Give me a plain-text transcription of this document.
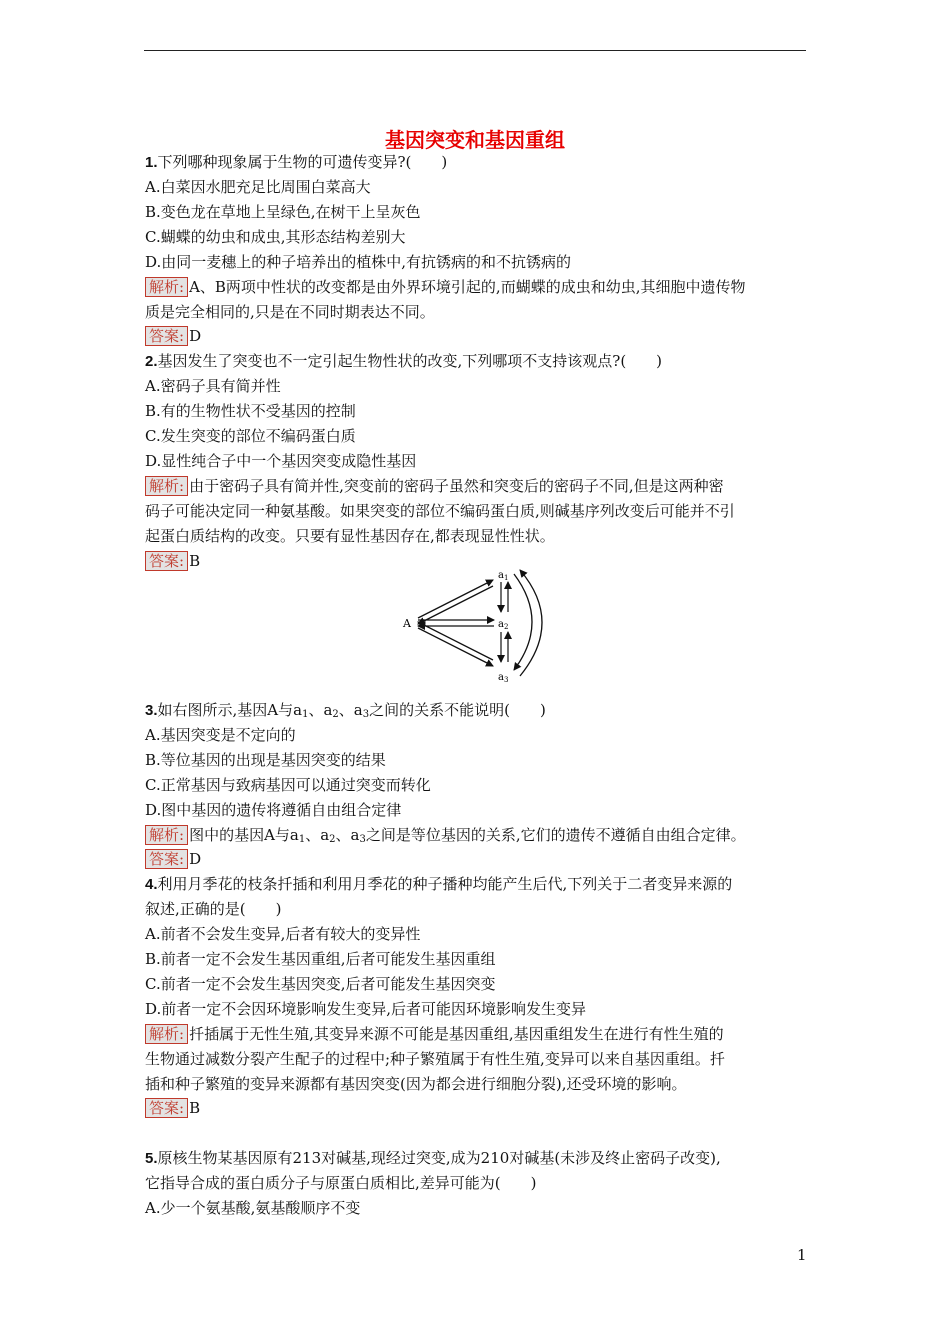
基因突变和基因重组
1.下列哪种现象属于生物的可遗传变异?(　　)
A.白菜因水肥充足比周围白菜高大
B.变色龙在草地上呈绿色,在树干上呈灰色
C.蝴蝶的幼虫和成虫,其形态结构差别大
D.由同一麦穗上的种子培养出的植株中,有抗锈病的和不抗锈病的
解析: A、B两项中性状的改变都是由外界环境引起的,而蝴蝶的成虫和幼虫,其细胞中遗传物
质是完全相同的,只是在不同时期表达不同。
答案: D
2.基因发生了突变也不一定引起生物性状的改变,下列哪项不支持该观点?(　　)
A.密码子具有简并性
B.有的生物性状不受基因的控制
C.发生突变的部位不编码蛋白质
D.显性纯合子中一个基因突变成隐性基因
解析: 由于密码子具有简并性,突变前的密码子虽然和突变后的密码子不同,但是这两种密
码子可能决定同一种氨基酸。如果突变的部位不编码蛋白质,则碱基序列改变后可能并不引
起蛋白质结构的改变。只要有显性基因存在,都表现显性性状。
答案: B
A
$a_1$
$a_2$
$a_3$
3.如右图所示,基因A与$a_1$、$a_2$、$a_3$之间的关系不能说明(　　)
A.基因突变是不定向的
B.等位基因的出现是基因突变的结果
C.正常基因与致病基因可以通过突变而转化
D.图中基因的遗传将遵循自由组合定律
解析: 图中的基因A与$a_1$、$a_2$、$a_3$之间是等位基因的关系,它们的遗传不遵循自由组合定律。
答案: D
4.利用月季花的枝条扦插和利用月季花的种子播种均能产生后代,下列关于二者变异来源的
叙述,正确的是(　　)
A.前者不会发生变异,后者有较大的变异性
B.前者一定不会发生基因重组,后者可能发生基因重组
C.前者一定不会发生基因突变,后者可能发生基因突变
D.前者一定不会因环境影响发生变异,后者可能因环境影响发生变异
解析: 扦插属于无性生殖,其变异来源不可能是基因重组,基因重组发生在进行有性生殖的
生物通过减数分裂产生配子的过程中;种子繁殖属于有性生殖,变异可以来自基因重组。扦
插和种子繁殖的变异来源都有基因突变(因为都会进行细胞分裂),还受环境的影响。
答案: B
5.原核生物某基因原有213对碱基,现经过突变,成为210对碱基(未涉及终止密码子改变),
它指导合成的蛋白质分子与原蛋白质相比,差异可能为(　　)
A.少一个氨基酸,氨基酸顺序不变
1
